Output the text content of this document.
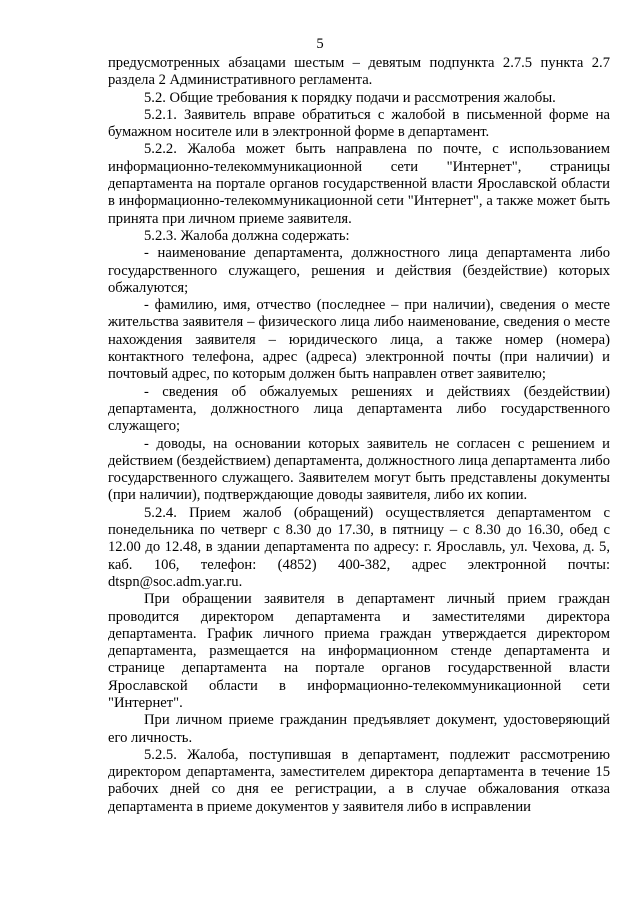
5

предусмотренных абзацами шестым – девятым подпункта 2.7.5 пункта 2.7 раздела 2 Административного регламента.

5.2. Общие требования к порядку подачи и рассмотрения жалобы.

5.2.1. Заявитель вправе обратиться с жалобой в письменной форме на бумажном носителе или в электронной форме в департамент.

5.2.2. Жалоба может быть направлена по почте, с использованием информационно-телекоммуникационной сети "Интернет", страницы департамента на портале органов государственной власти Ярославской области в информационно-телекоммуникационной сети "Интернет", а также может быть принята при личном приеме заявителя.

5.2.3. Жалоба должна содержать:

- наименование департамента, должностного лица департамента либо государственного служащего, решения и действия (бездействие) которых обжалуются;

- фамилию, имя, отчество (последнее – при наличии), сведения о месте жительства заявителя – физического лица либо наименование, сведения о месте нахождения заявителя – юридического лица, а также номер (номера) контактного телефона, адрес (адреса) электронной почты (при наличии) и почтовый адрес, по которым должен быть направлен ответ заявителю;

- сведения об обжалуемых решениях и действиях (бездействии) департамента, должностного лица департамента либо государственного служащего;

- доводы, на основании которых заявитель не согласен с решением и действием (бездействием) департамента, должностного лица департамента либо государственного служащего. Заявителем могут быть представлены документы (при наличии), подтверждающие доводы заявителя, либо их копии.

5.2.4. Прием жалоб (обращений) осуществляется департаментом с понедельника по четверг с 8.30 до 17.30, в пятницу – с 8.30 до 16.30, обед с 12.00 до 12.48, в здании департамента по адресу: г. Ярославль, ул. Чехова, д. 5, каб. 106, телефон: (4852) 400-382, адрес электронной почты: dtspn@soc.adm.yar.ru.

При обращении заявителя в департамент личный прием граждан проводится директором департамента и заместителями директора департамента. График личного приема граждан утверждается директором департамента, размещается на информационном стенде департамента и странице департамента на портале органов государственной власти Ярославской области в информационно-телекоммуникационной сети "Интернет".

При личном приеме гражданин предъявляет документ, удостоверяющий его личность.

5.2.5. Жалоба, поступившая в департамент, подлежит рассмотрению директором департамента, заместителем директора департамента в течение 15 рабочих дней со дня ее регистрации, а в случае обжалования отказа департамента в приеме документов у заявителя либо в исправлении
